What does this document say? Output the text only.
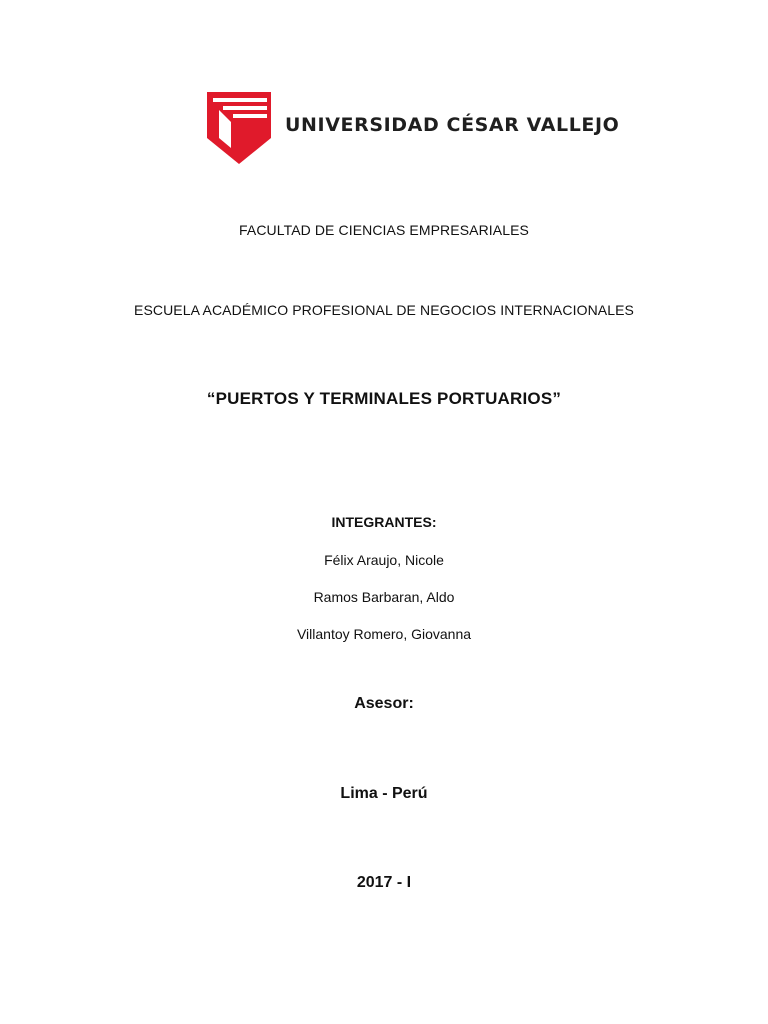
UNIVERSIDAD CÉSAR VALLEJO
FACULTAD DE CIENCIAS EMPRESARIALES
ESCUELA ACADÉMICO PROFESIONAL DE NEGOCIOS INTERNACIONALES
“PUERTOS Y TERMINALES PORTUARIOS”
INTEGRANTES:
Félix Araujo, Nicole
Ramos Barbaran, Aldo
Villantoy Romero, Giovanna
Asesor:
Lima - Perú
2017 - I
